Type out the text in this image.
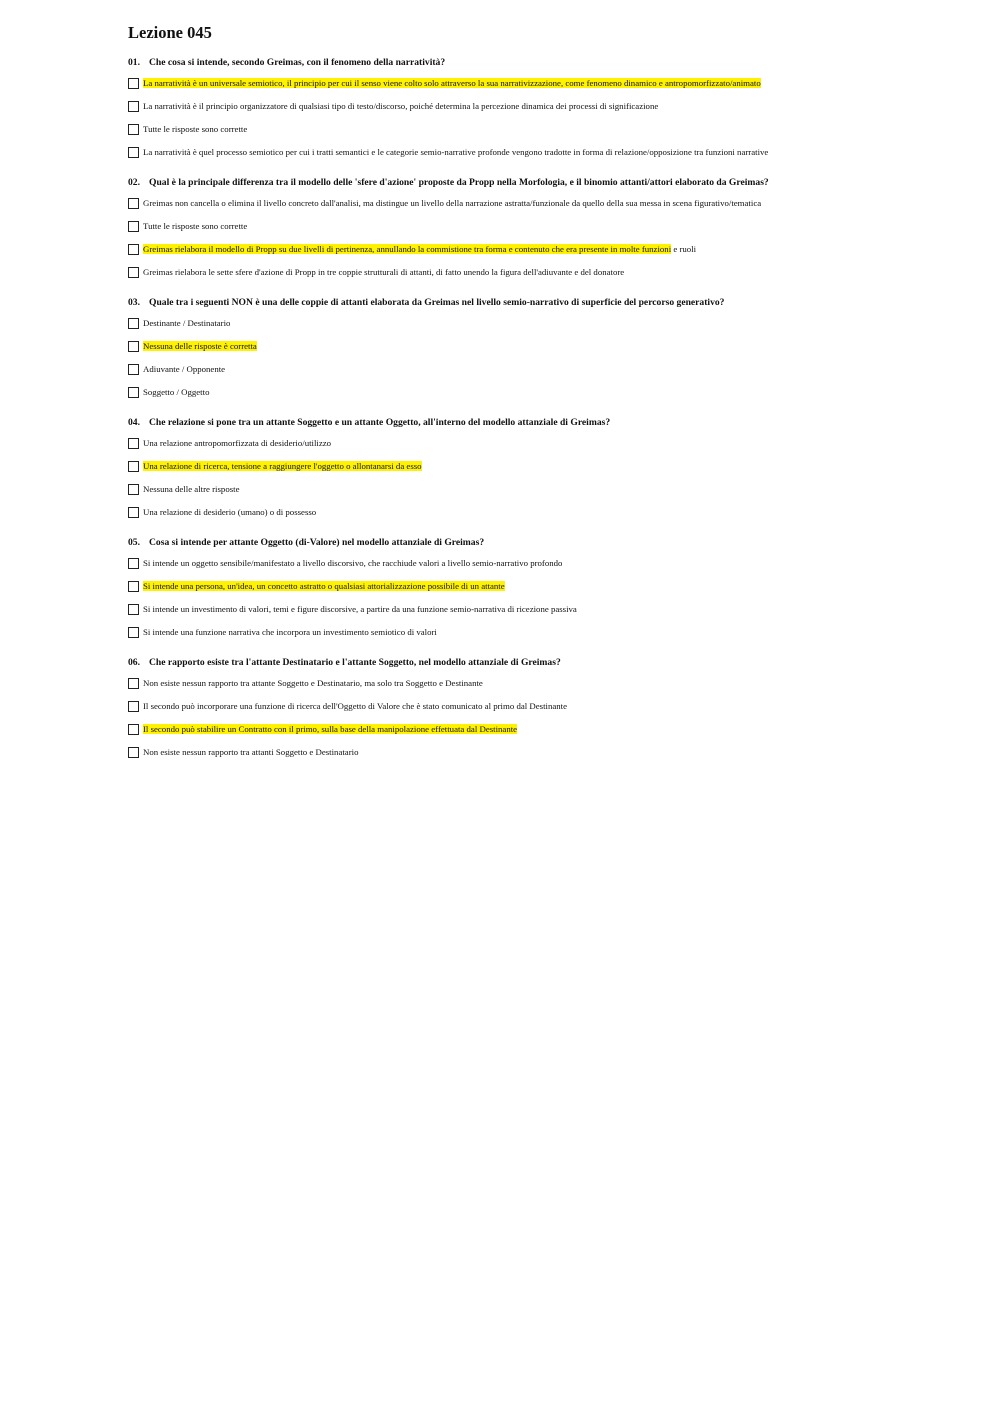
Lezione 045
01. Che cosa si intende, secondo Greimas, con il fenomeno della narratività?
La narratività è un universale semiotico, il principio per cui il senso viene colto solo attraverso la sua narrativizzazione, come fenomeno dinamico e antropomorfizzato/animato
La narratività è il principio organizzatore di qualsiasi tipo di testo/discorso, poiché determina la percezione dinamica dei processi di significazione
Tutte le risposte sono corrette
La narratività è quel processo semiotico per cui i tratti semantici e le categorie semio-narrative profonde vengono tradotte in forma di relazione/opposizione tra funzioni narrative
02. Qual è la principale differenza tra il modello delle 'sfere d'azione' proposte da Propp nella Morfologia, e il binomio attanti/attori elaborato da Greimas?
Greimas non cancella o elimina il livello concreto dall'analisi, ma distingue un livello della narrazione astratta/funzionale da quello della sua messa in scena figurativo/tematica
Tutte le risposte sono corrette
Greimas rielabora il modello di Propp su due livelli di pertinenza, annullando la commistione tra forma e contenuto che era presente in molte funzioni e ruoli
Greimas rielabora le sette sfere d'azione di Propp in tre coppie strutturali di attanti, di fatto unendo la figura dell'adiuvante e del donatore
03. Quale tra i seguenti NON è una delle coppie di attanti elaborata da Greimas nel livello semio-narrativo di superficie del percorso generativo?
Destinante / Destinatario
Nessuna delle risposte è corretta
Adiuvante / Opponente
Soggetto / Oggetto
04. Che relazione si pone tra un attante Soggetto e un attante Oggetto, all'interno del modello attanziale di Greimas?
Una relazione antropomorfizzata di desiderio/utilizzo
Una relazione di ricerca, tensione a raggiungere l'oggetto o allontanarsi da esso
Nessuna delle altre risposte
Una relazione di desiderio (umano) o di possesso
05. Cosa si intende per attante Oggetto (di-Valore) nel modello attanziale di Greimas?
Si intende un oggetto sensibile/manifestato a livello discorsivo, che racchiude valori a livello semio-narrativo profondo
Si intende una persona, un'idea, un concetto astratto o qualsiasi attorializzazione possibile di un attante
Si intende un investimento di valori, temi e figure discorsive, a partire da una funzione semio-narrativa di ricezione passiva
Si intende una funzione narrativa che incorpora un investimento semiotico di valori
06. Che rapporto esiste tra l'attante Destinatario e l'attante Soggetto, nel modello attanziale di Greimas?
Non esiste nessun rapporto tra attante Soggetto e Destinatario, ma solo tra Soggetto e Destinante
Il secondo può incorporare una funzione di ricerca dell'Oggetto di Valore che è stato comunicato al primo dal Destinante
Il secondo può stabilire un Contratto con il primo, sulla base della manipolazione effettuata dal Destinante
Non esiste nessun rapporto tra attanti Soggetto e Destinatario
